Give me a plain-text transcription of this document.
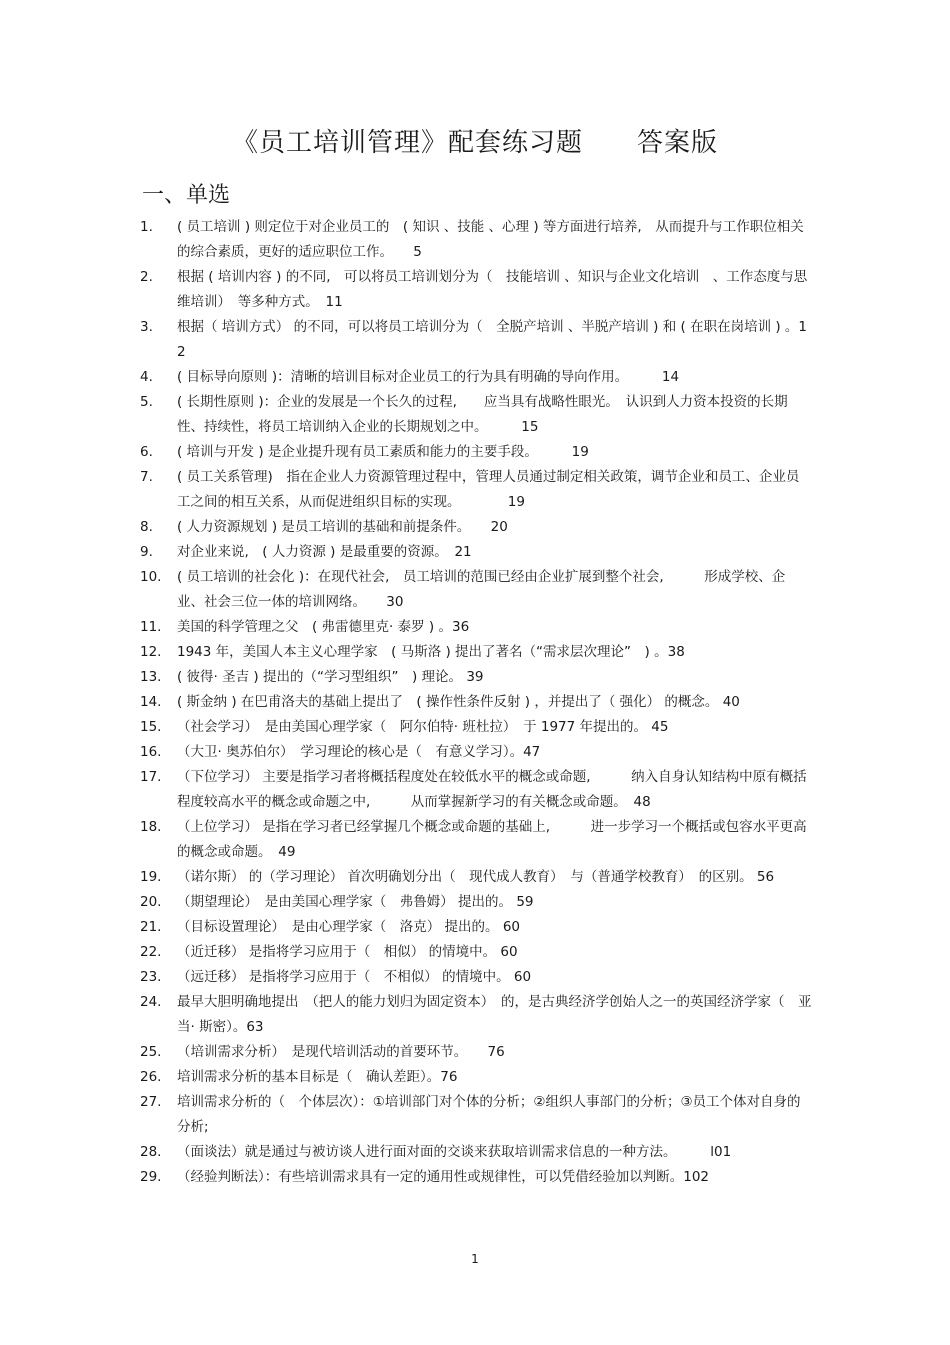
《员工培训管理》配套练习题　　答案版
一、单选
1.	( 员工培训 ) 则定位于对企业员工的　( 知识 、技能 、心理 ) 等方面进行培养,　从而提升与工作职位相关的综合素质，更好的适应职位工作。　　5
2.	根据 ( 培训内容 ) 的不同,　可以将员工培训划分为（　技能培训 、知识与企业文化培训　、工作态度与思维培训）　等多种方式。　11
3.	根据（ 培训方式） 的不同，可以将员工培训分为（　全脱产培训 、半脱产培训 ) 和 ( 在职在岗培训 ) 。12
4.	( 目标导向原则 )：清晰的培训目标对企业员工的行为具有明确的导向作用。　　　14
5.	( 长期性原则 )：企业的发展是一个长久的过程,　　应当具有战略性眼光。　认识到人力资本投资的长期性、持续性，将员工培训纳入企业的长期规划之中。　　　15
6.	( 培训与开发 ) 是企业提升现有员工素质和能力的主要手段。　　　19
7.	( 员工关系管理)　指在企业人力资源管理过程中，管理人员通过制定相关政策，调节企业和员工、企业员工之间的相互关系，从而促进组织目标的实现。　　　　19
8.	( 人力资源规划 ) 是员工培训的基础和前提条件。　　20
9.	对企业来说,　( 人力资源 ) 是最重要的资源。　21
10.	( 员工培训的社会化 )：在现代社会,　员工培训的范围已经由企业扩展到整个社会,　　　形成学校、企业、社会三位一体的培训网络。　　30
11.	美国的科学管理之父　( 弗雷德里克· 泰罗 ) 。36
12.	1943 年，美国人本主义心理学家　( 马斯洛 ) 提出了著名（“需求层次理论”　) 。38
13.	( 彼得· 圣吉 ) 提出的（“学习型组织”　) 理论。 39
14.	( 斯金纳 ) 在巴甫洛夫的基础上提出了　( 操作性条件反射 ) ，并提出了（ 强化） 的概念。 40
15.	（社会学习）　是由美国心理学家（　阿尔伯特· 班杜拉）　于 1977 年提出的。 45
16.	（大卫· 奥苏伯尔）　学习理论的核心是（　有意义学习）。47
17.	（下位学习） 主要是指学习者将概括程度处在较低水平的概念或命题,　　　纳入自身认知结构中原有概括程度较高水平的概念或命题之中,　　　从而掌握新学习的有关概念或命题。　48
18.	（上位学习） 是指在学习者已经掌握几个概念或命题的基础上,　　　进一步学习一个概括或包容水平更高的概念或命题。　49
19.	（诺尔斯） 的（学习理论） 首次明确划分出（　现代成人教育）　与（普通学校教育）　的区别。 56
20.	（期望理论）　是由美国心理学家（　弗鲁姆） 提出的。 59
21.	（目标设置理论）　是由心理学家（　洛克） 提出的。 60
22.	（近迁移） 是指将学习应用于（　相似） 的情境中。 60
23.	（远迁移） 是指将学习应用于（　不相似） 的情境中。 60
24.	最早大胆明确地提出　（把人的能力划归为固定资本）　的，是古典经济学创始人之一的英国经济学家（　亚当· 斯密）。63
25.	（培训需求分析）　是现代培训活动的首要环节。　　76
26.	培训需求分析的基本目标是（　确认差距）。76
27.	培训需求分析的（　个体层次）：①培训部门对个体的分析；②组织人事部门的分析；③员工个体对自身的分析;
28.	（面谈法）就是通过与被访谈人进行面对面的交谈来获取培训需求信息的一种方法。　　　l01
29.	（经验判断法）：有些培训需求具有一定的通用性或规律性，可以凭借经验加以判断。102
1
